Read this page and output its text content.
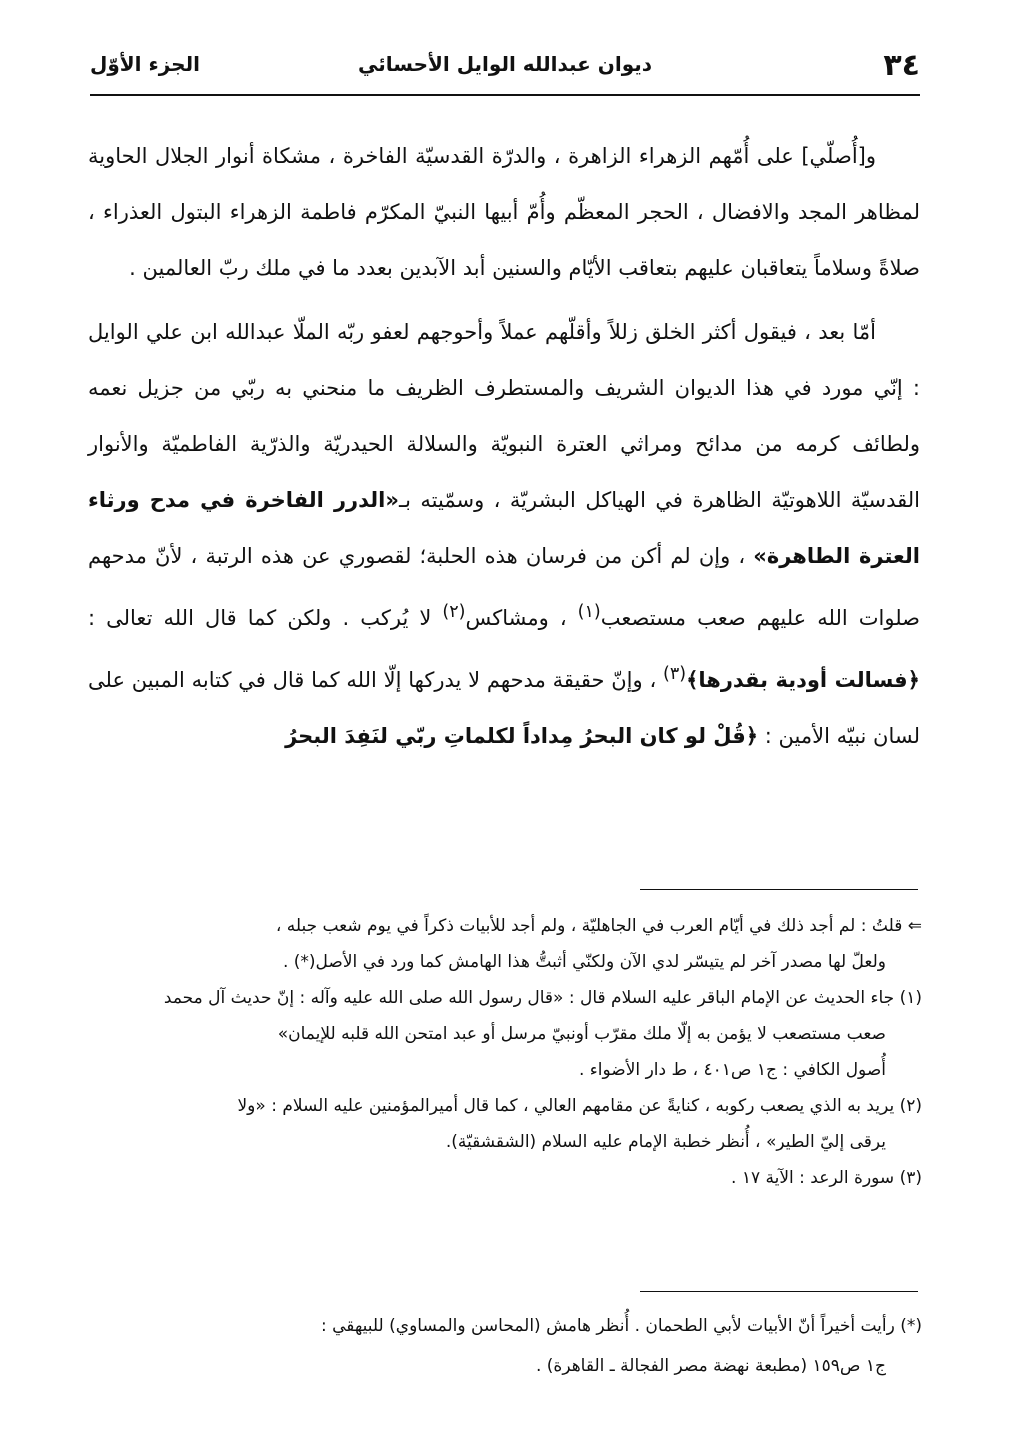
٣٤
ديوان عبدالله الوايل الأحسائي
الجزء الأوّل

و[أُصلّي] على أُمّهم الزهراء الزاهرة ، والدرّة القدسيّة الفاخرة ، مشكاة أنوار الجلال الحاوية لمظاهر المجد والافضال ، الحجر المعظّم وأُمّ أبيها النبيّ المكرّم فاطمة الزهراء البتول العذراء ، صلاةً وسلاماً يتعاقبان عليهم بتعاقب الأيّام والسنين أبد الآبدين بعدد ما في ملك ربّ العالمين .

أمّا بعد ، فيقول أكثر الخلق زللاً وأقلّهم عملاً وأحوجهم لعفو ربّه الملّا عبدالله ابن علي الوايل : إنّي مورد في هذا الديوان الشريف والمستطرف الظريف ما منحني به ربّي من جزيل نعمه ولطائف كرمه من مدائح ومراثي العترة النبويّة والسلالة الحيدريّة والذرّية الفاطميّة والأنوار القدسيّة اللاهوتيّة الظاهرة في الهياكل البشريّة ، وسمّيته بـ«الدرر الفاخرة في مدح ورثاء العترة الطاهرة» ، وإن لم أكن من فرسان هذه الحلبة؛ لقصوري عن هذه الرتبة ، لأنّ مدحهم صلوات الله عليهم صعب مستصعب$^{(١)}$ ، ومشاكس$^{(٢)}$ لا يُركب . ولكن كما قال الله تعالى : ﴿فسالت أودية بقدرها﴾$^{(٣)}$ ، وإنّ حقيقة مدحهم لا يدركها إلّا الله كما قال في كتابه المبين على لسان نبيّه الأمين : ﴿قُلْ لو كان البحرُ مِداداً لكلماتِ ربّي لنَفِدَ البحرُ

⇐ قلتُ : لم أجد ذلك في أيّام العرب في الجاهليّة ، ولم أجد للأبيات ذكراً في يوم شعب جبله ،

ولعلّ لها مصدر آخر لم يتيسّر لدي الآن ولكنّي أثبتُّ هذا الهامش كما ورد في الأصل(*) .

(١) جاء الحديث عن الإمام الباقر عليه السلام قال : «قال رسول الله صلى الله عليه وآله : إنّ حديث آل محمد

صعب مستصعب لا يؤمن به إلّا ملك مقرّب أونبيّ مرسل أو عبد امتحن الله قلبه للإيمان»

أُصول الكافي : ج١ ص٤٠١ ، ط دار الأضواء .

(٢) يريد به الذي يصعب ركوبه ، كنايةً عن مقامهم العالي ، كما قال أميرالمؤمنين عليه السلام : «ولا

يرقى إليّ الطير» ، أُنظر خطبة الإمام عليه السلام (الشقشقيّة).

(٣) سورة الرعد : الآية ١٧ .

(*) رأيت أخيراً أنّ الأبيات لأبي الطحمان . أُنظر هامش (المحاسن والمساوي) للبيهقي :

ج١ ص١٥٩ (مطبعة نهضة مصر الفجالة ـ القاهرة) .
